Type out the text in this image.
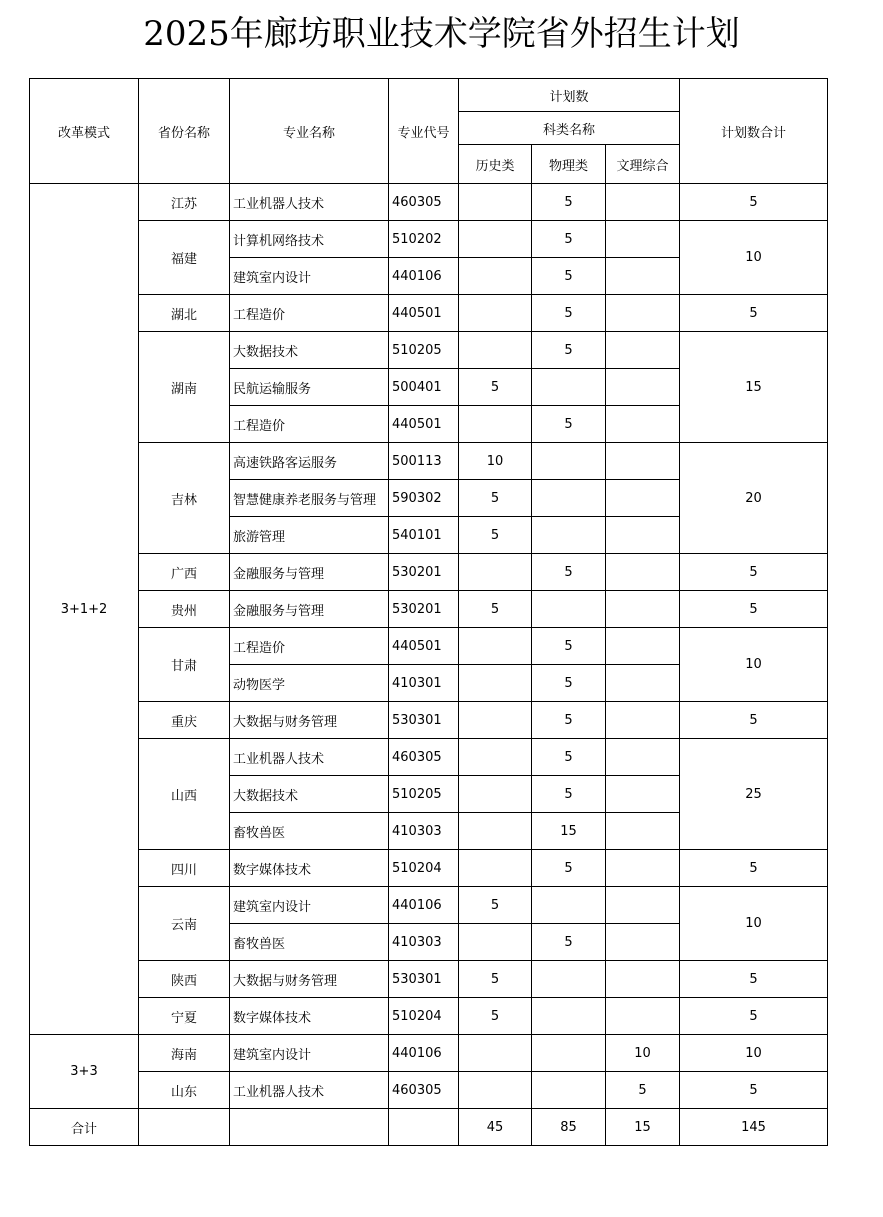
2025年廊坊职业技术学院省外招生计划
改革模式	省份名称	专业名称	专业代号	计划数			计划数合计
				科类名称			
				历史类	物理类	文理综合	
3+1+2	江苏	工业机器人技术	460305		5		5
	福建	计算机网络技术	510202		5		10
		建筑室内设计	440106		5		
	湖北	工程造价	440501		5		5
	湖南	大数据技术	510205		5		15
		民航运输服务	500401	5			
		工程造价	440501		5		
	吉林	高速铁路客运服务	500113	10			20
		智慧健康养老服务与管理	590302	5			
		旅游管理	540101	5			
	广西	金融服务与管理	530201		5		5
	贵州	金融服务与管理	530201	5			5
	甘肃	工程造价	440501		5		10
		动物医学	410301		5		
	重庆	大数据与财务管理	530301		5		5
	山西	工业机器人技术	460305		5		25
		大数据技术	510205		5		
		畜牧兽医	410303		15		
	四川	数字媒体技术	510204		5		5
	云南	建筑室内设计	440106	5			10
		畜牧兽医	410303		5		
	陕西	大数据与财务管理	530301	5			5
	宁夏	数字媒体技术	510204	5			5
3+3	海南	建筑室内设计	440106			10	10
	山东	工业机器人技术	460305			5	5
合计				45	85	15	145
